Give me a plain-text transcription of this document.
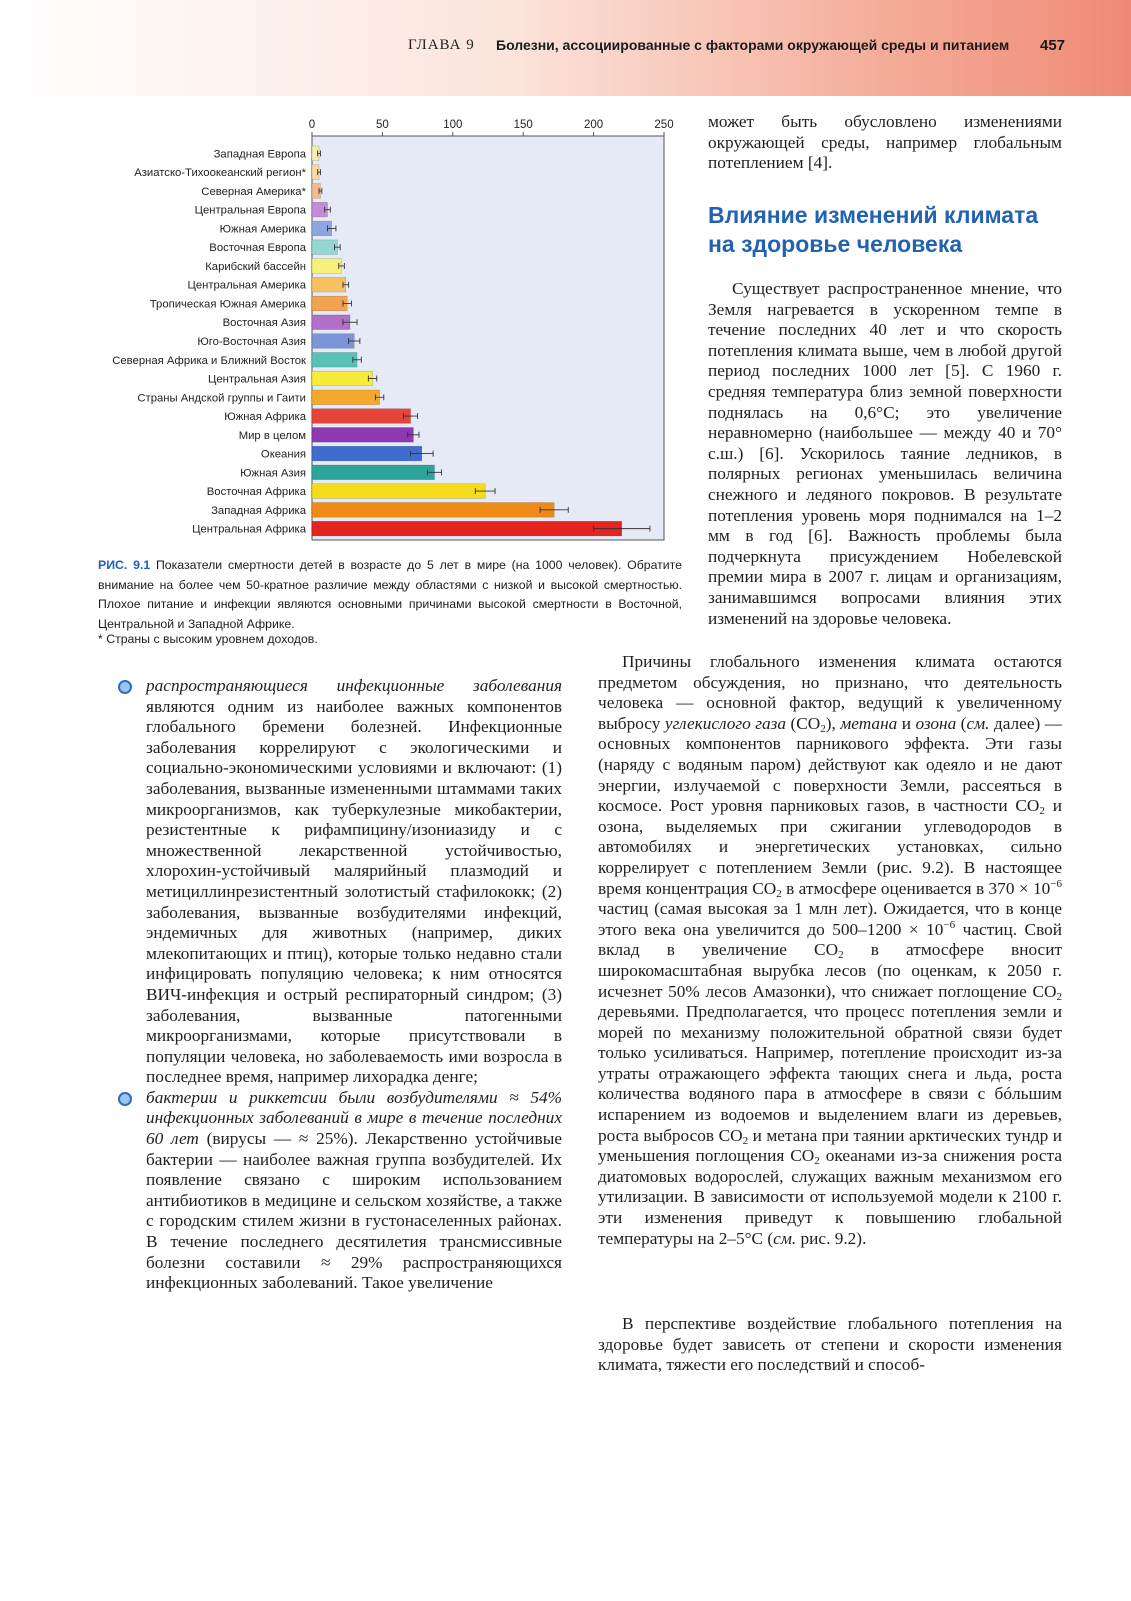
ГЛАВА 9 Болезни, ассоциированные с факторами окружающей среды и питанием 457
0	50	100	150	200	250
Западная Европа
Азиатско-Тихоокеанский регион*
Северная Америка*
Центральная Европа
Южная Америка
Восточная Европа
Карибский бассейн
Центральная Америка
Тропическая Южная Америка
Восточная Азия
Юго-Восточная Азия
Северная Африка и Ближний Восток
Центральная Азия
Страны Андской группы и Гаити
Южная Африка
Мир в целом
Океания
Южная Азия
Восточная Африка
Западная Африка
Центральная Африка
РИС. 9.1 Показатели смертности детей в возрасте до 5 лет в мире (на 1000 человек). Обратите внимание на более чем 50-кратное различие между областями с низкой и высокой смертностью. Плохое питание и инфекции являются основными причинами высокой смертности в Восточной, Центральной и Западной Африке.
* Страны с высоким уровнем доходов.

может быть обусловлено изменениями окружающей среды, например глобальным потеплением [4].

Влияние изменений климата на здоровье человека

Существует распространенное мнение, что Земля нагревается в ускоренном темпе в течение последних 40 лет и что скорость потепления климата выше, чем в любой другой период последних 1000 лет [5]. С 1960 г. средняя температура близ земной поверхности поднялась на 0,6°C; это увеличение неравномерно (наибольшее — между 40 и 70° с.ш.) [6]. Ускорилось таяние ледников, в полярных регионах уменьшилась величина снежного и ледяного покровов. В результате потепления уровень моря поднимался на 1–2 мм в год [6]. Важность проблемы была подчеркнута присуждением Нобелевской премии мира в 2007 г. лицам и организациям, занимавшимся вопросами влияния этих изменений на здоровье человека.

Причины глобального изменения климата остаются предметом обсуждения, но признано, что деятельность человека — основной фактор, ведущий к увеличенному выбросу углекислого газа $(CO_2)$, метана и озона (см. далее) — основных компонентов парникового эффекта. Эти газы (наряду с водяным паром) действуют как одеяло и не дают энергии, излучаемой с поверхности Земли, рассеяться в космосе. Рост уровня парниковых газов, в частности $CO_2$ и озона, выделяемых при сжигании углеводородов в автомобилях и энергетических установках, сильно коррелирует с потеплением Земли (рис. 9.2). В настоящее время концентрация $CO_2$ в атмосфере оценивается в $370 \times 10^{-6}$ частиц (самая высокая за 1 млн лет). Ожидается, что в конце этого века она увеличится до $500-1200 \times 10^{-6}$ частиц. Свой вклад в увеличение $CO_2$ в атмосфере вносит широкомасштабная вырубка лесов (по оценкам, к 2050 г. исчезнет 50% лесов Амазонки), что снижает поглощение $CO_2$ деревьями. Предполагается, что процесс потепления земли и морей по механизму положительной обратной связи будет только усиливаться. Например, потепление происходит из-за утраты отражающего эффекта тающих снега и льда, роста количества водяного пара в атмосфере в связи с бóльшим испарением из водоемов и выделением влаги из деревьев, роста выбросов $CO_2$ и метана при таянии арктических тундр и уменьшения поглощения $CO_2$ океанами из-за снижения роста диатомовых водорослей, служащих важным механизмом его утилизации. В зависимости от используемой модели к 2100 г. эти изменения приведут к повышению глобальной температуры на 2–5°C (см. рис. 9.2).

В перспективе воздействие глобального потепления на здоровье будет зависеть от степени и скорости изменения климата, тяжести его последствий и способ-

распространяющиеся инфекционные заболевания являются одним из наиболее важных компонентов глобального бремени болезней. Инфекционные заболевания коррелируют с экологическими и социально-экономическими условиями и включают: (1) заболевания, вызванные измененными штаммами таких микроорганизмов, как туберкулезные микобактерии, резистентные к рифампицину/изониазиду и с множественной лекарственной устойчивостью, хлорохин-устойчивый малярийный плазмодий и метициллинрезистентный золотистый стафилококк; (2) заболевания, вызванные возбудителями инфекций, эндемичных для животных (например, диких млекопитающих и птиц), которые только недавно стали инфицировать популяцию человека; к ним относятся ВИЧ-инфекция и острый респираторный синдром; (3) заболевания, вызванные патогенными микроорганизмами, которые присутствовали в популяции человека, но заболеваемость ими возросла в последнее время, например лихорадка денге;

бактерии и риккетсии были возбудителями ≈ 54% инфекционных заболеваний в мире в течение последних 60 лет (вирусы — ≈ 25%). Лекарственно устойчивые бактерии — наиболее важная группа возбудителей. Их появление связано с широким использованием антибиотиков в медицине и сельском хозяйстве, а также с городским стилем жизни в густонаселенных районах. В течение последнего десятилетия трансмиссивные болезни составили ≈ 29% распространяющихся инфекционных заболеваний. Такое увеличение
